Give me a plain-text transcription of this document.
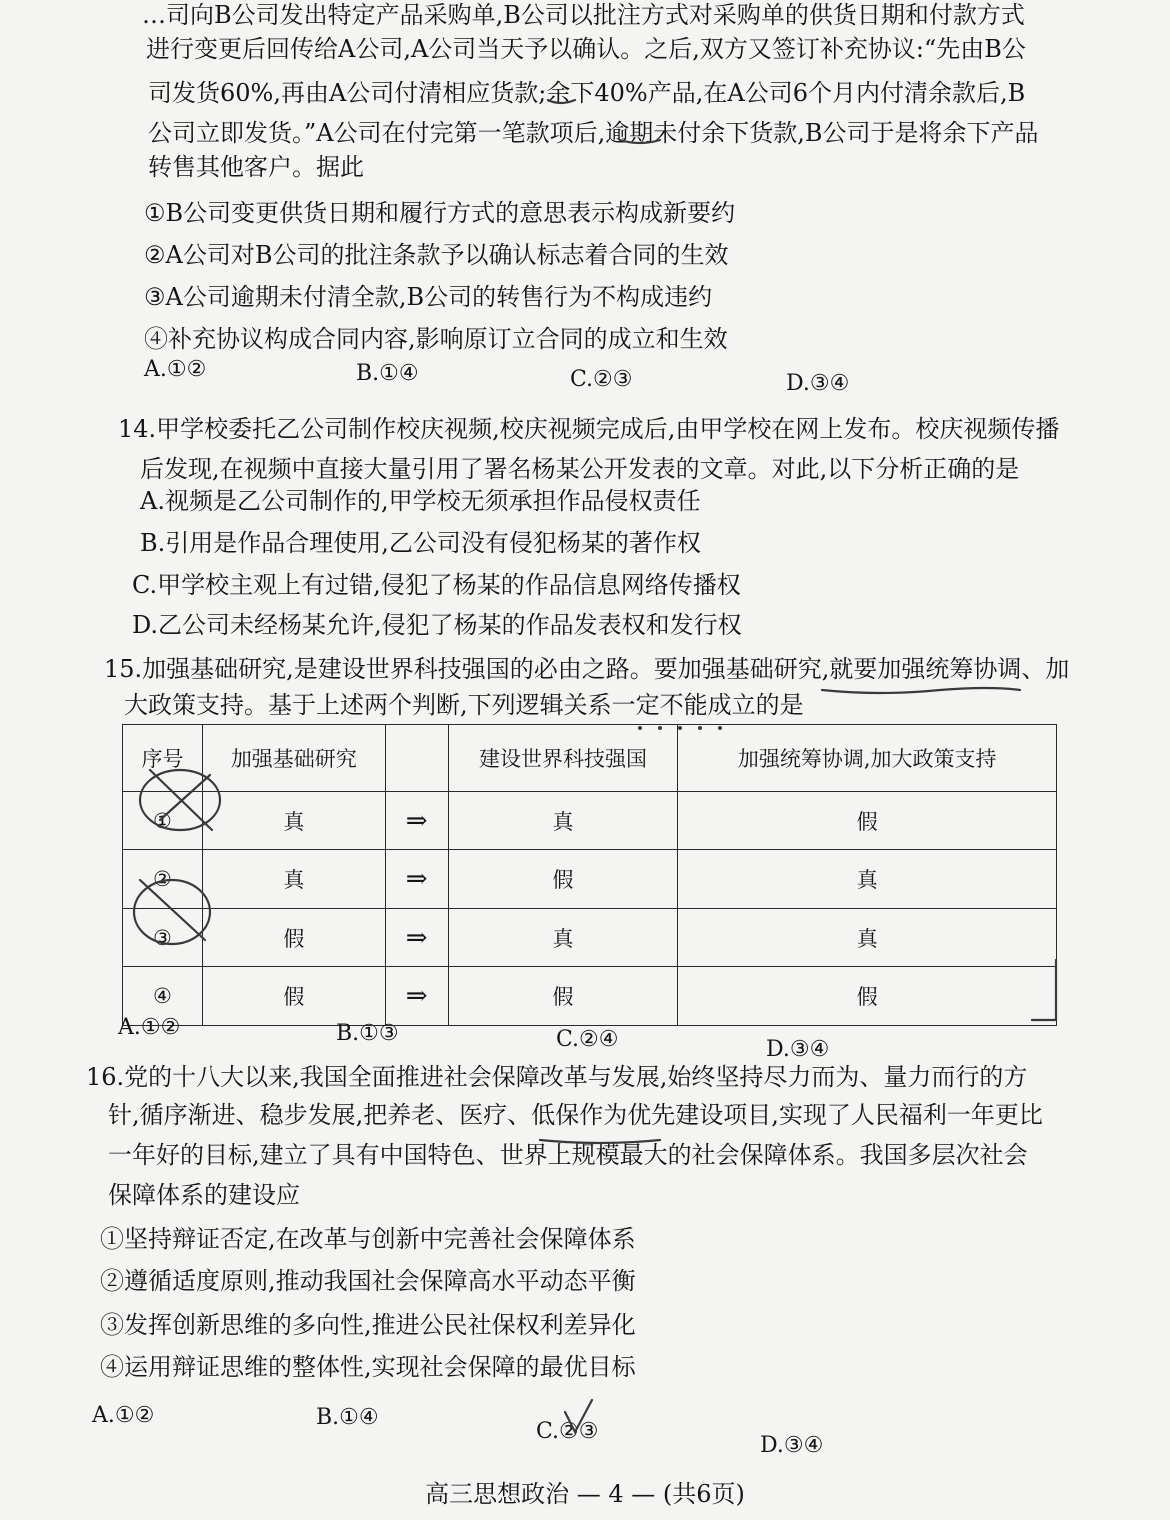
…司向B公司发出特定产品采购单,B公司以批注方式对采购单的供货日期和付款方式
进行变更后回传给A公司,A公司当天予以确认。之后,双方又签订补充协议:“先由B公
司发货60%,再由A公司付清相应货款;余下40%产品,在A公司6个月内付清余款后,B
公司立即发货。”A公司在付完第一笔款项后,逾期未付余下货款,B公司于是将余下产品
转售其他客户。据此
①B公司变更供货日期和履行方式的意思表示构成新要约
②A公司对B公司的批注条款予以确认标志着合同的生效
③A公司逾期未付清全款,B公司的转售行为不构成违约
④补充协议构成合同内容,影响原订立合同的成立和生效
A.①②	B.①④	C.②③	D.③④
14.甲学校委托乙公司制作校庆视频,校庆视频完成后,由甲学校在网上发布。校庆视频传播
后发现,在视频中直接大量引用了署名杨某公开发表的文章。对此,以下分析正确的是
A.视频是乙公司制作的,甲学校无须承担作品侵权责任
B.引用是作品合理使用,乙公司没有侵犯杨某的著作权
C.甲学校主观上有过错,侵犯了杨某的作品信息网络传播权
D.乙公司未经杨某允许,侵犯了杨某的作品发表权和发行权
15.加强基础研究,是建设世界科技强国的必由之路。要加强基础研究,就要加强统筹协调、加
大政策支持。基于上述两个判断,下列逻辑关系一定不能成立的是
序号	加强基础研究		建设世界科技强国	加强统筹协调,加大政策支持
①	真	⇒	真	假
②	真	⇒	假	真
③	假	⇒	真	真
④	假	⇒	假	假
A.①②	B.①③	C.②④	D.③④
16.党的十八大以来,我国全面推进社会保障改革与发展,始终坚持尽力而为、量力而行的方
针,循序渐进、稳步发展,把养老、医疗、低保作为优先建设项目,实现了人民福利一年更比
一年好的目标,建立了具有中国特色、世界上规模最大的社会保障体系。我国多层次社会
保障体系的建设应
①坚持辩证否定,在改革与创新中完善社会保障体系
②遵循适度原则,推动我国社会保障高水平动态平衡
③发挥创新思维的多向性,推进公民社保权利差异化
④运用辩证思维的整体性,实现社会保障的最优目标
A.①②	B.①④
C.②③
D.③④
高三思想政治 — 4 — (共6页)
